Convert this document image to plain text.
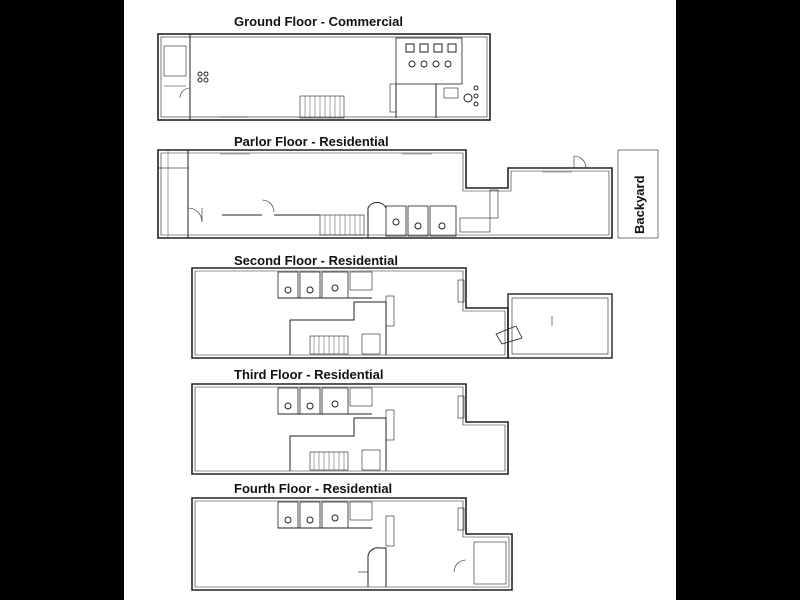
Ground Floor - Commercial
Parlor Floor - Residential
Second Floor - Residential
Third Floor - Residential
Fourth Floor - Residential
Backyard
